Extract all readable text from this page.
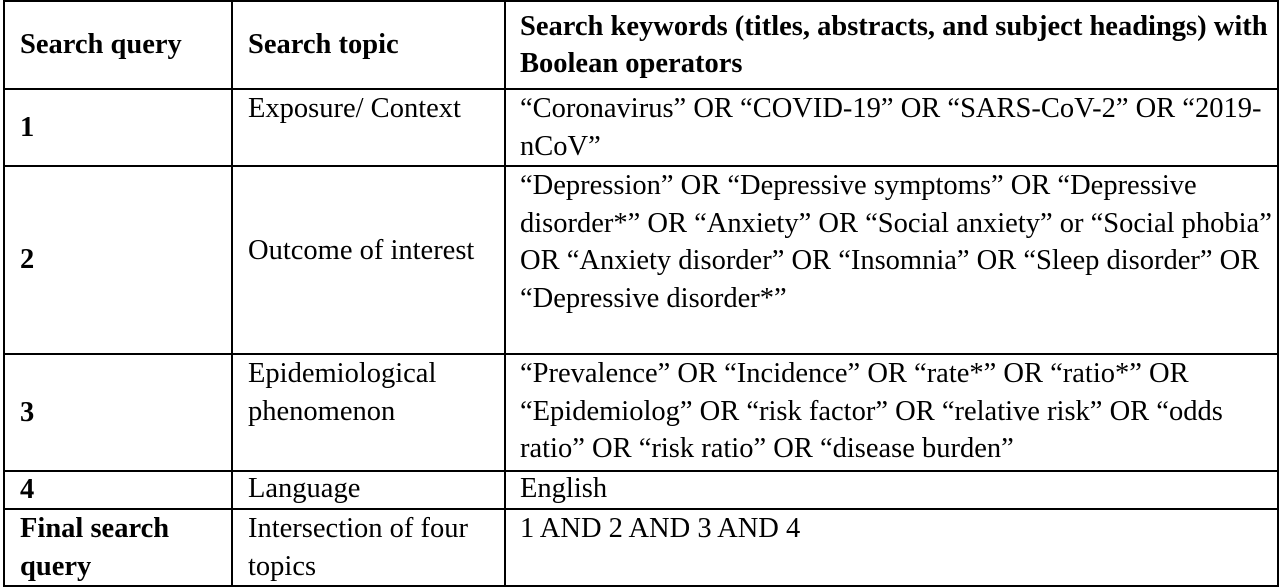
Search query	Search topic	Search keywords (titles, abstracts, and subject headings) with Boolean operators

1	Exposure/ Context	“Coronavirus” OR “COVID-19” OR “SARS-CoV-2” OR “2019-nCoV”

2	Outcome of interest	“Depression” OR “Depressive symptoms” OR “Depressive disorder*” OR “Anxiety” OR “Social anxiety” or “Social phobia” OR “Anxiety disorder” OR “Insomnia” OR “Sleep disorder” OR “Depressive disorder*”

3	Epidemiological phenomenon	“Prevalence” OR “Incidence” OR “rate*” OR “ratio*” OR “Epidemiolog” OR “risk factor” OR “relative risk” OR “odds ratio” OR “risk ratio” OR “disease burden”

4	Language	English

Final search query	Intersection of four topics	1 AND 2 AND 3 AND 4
